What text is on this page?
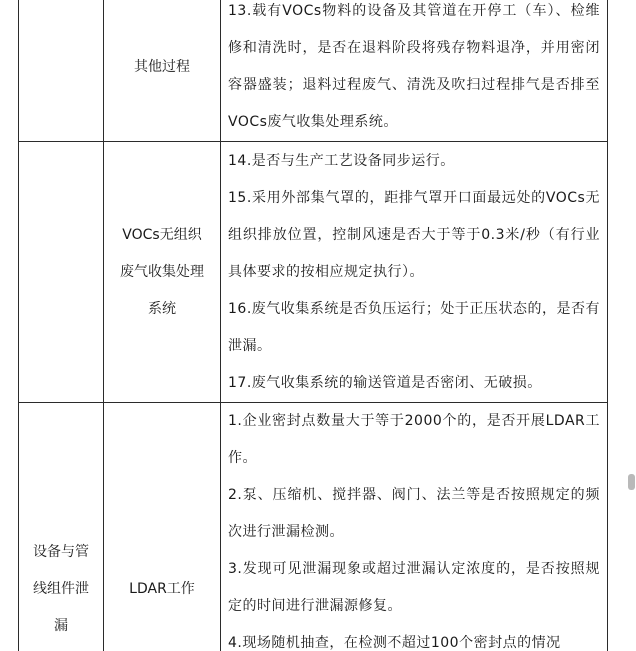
	其他过程	13.载有VOCs物料的设备及其管道在开停工（车）、检维修和清洗时，是否在退料阶段将残存物料退净，并用密闭容器盛装；退料过程废气、清洗及吹扫过程排气是否排至VOCs废气收集处理系统。

	VOCs无组织废气收集处理系统	14.是否与生产工艺设备同步运行。

15.采用外部集气罩的，距排气罩开口面最远处的VOCs无组织排放位置，控制风速是否大于等于0.3米/秒（有行业具体要求的按相应规定执行）。

16.废气收集系统是否负压运行；处于正压状态的，是否有泄漏。

17.废气收集系统的输送管道是否密闭、无破损。

设备与管线组件泄漏	LDAR工作	1.企业密封点数量大于等于2000个的，是否开展LDAR工作。

2.泵、压缩机、搅拌器、阀门、法兰等是否按照规定的频次进行泄漏检测。

3.发现可见泄漏现象或超过泄漏认定浓度的，是否按照规定的时间进行泄漏源修复。

4.现场随机抽查，在检测不超过100个密封点的情况
